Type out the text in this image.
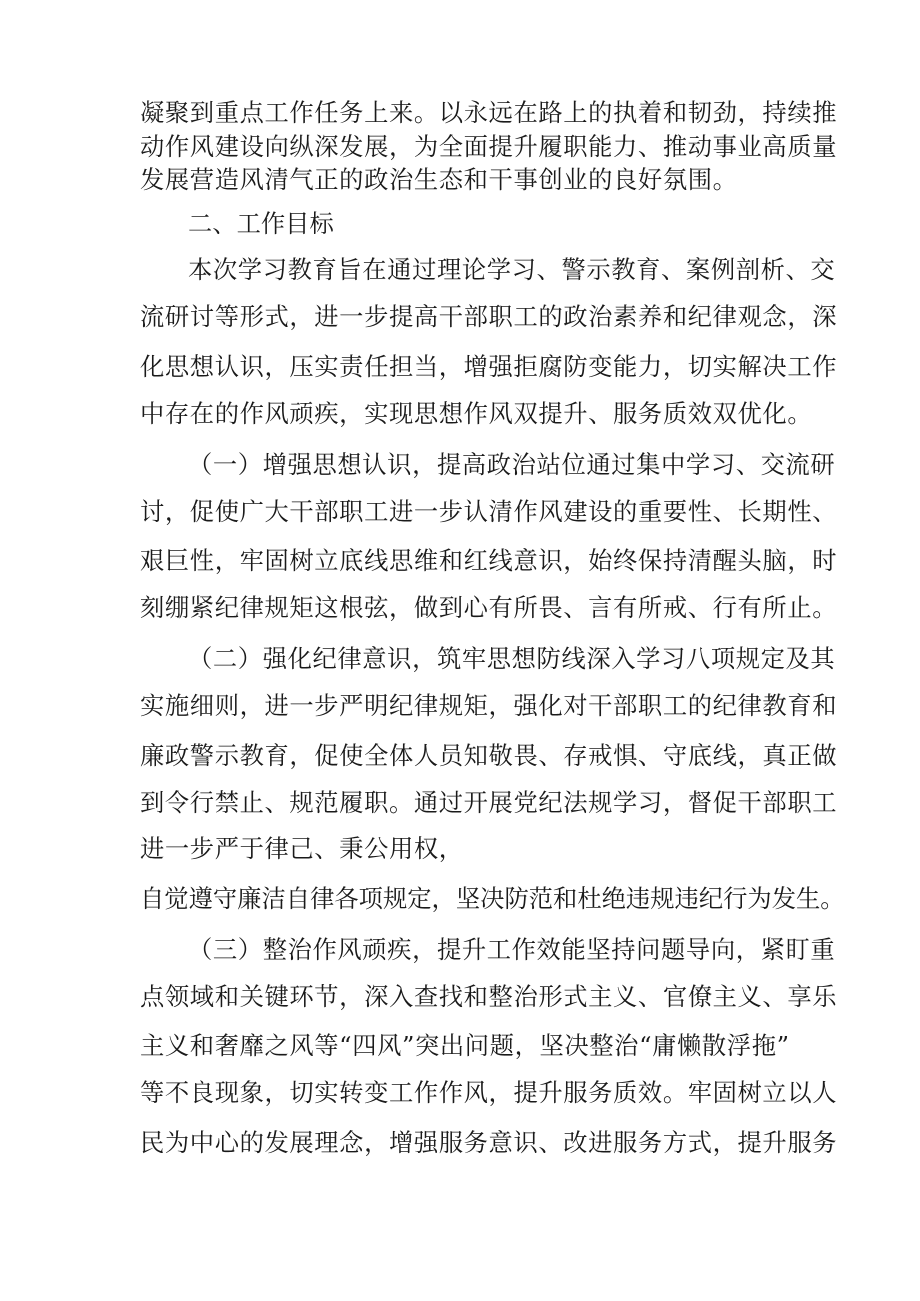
凝聚到重点工作任务上来。以永远在路上的执着和韧劲，持续推

动作风建设向纵深发展，为全面提升履职能力、推动事业高质量

发展营造风清气正的政治生态和干事创业的良好氛围。

二、工作目标

本次学习教育旨在通过理论学习、警示教育、案例剖析、交

流研讨等形式，进一步提高干部职工的政治素养和纪律观念，深

化思想认识，压实责任担当，增强拒腐防变能力，切实解决工作

中存在的作风顽疾，实现思想作风双提升、服务质效双优化。

（一）增强思想认识，提高政治站位通过集中学习、交流研

讨，促使广大干部职工进一步认清作风建设的重要性、长期性、

艰巨性，牢固树立底线思维和红线意识，始终保持清醒头脑，时

刻绷紧纪律规矩这根弦，做到心有所畏、言有所戒、行有所止。

（二）强化纪律意识，筑牢思想防线深入学习八项规定及其

实施细则，进一步严明纪律规矩，强化对干部职工的纪律教育和

廉政警示教育，促使全体人员知敬畏、存戒惧、守底线，真正做

到令行禁止、规范履职。通过开展党纪法规学习，督促干部职工

进一步严于律己、秉公用权，

自觉遵守廉洁自律各项规定，坚决防范和杜绝违规违纪行为发生。

（三）整治作风顽疾，提升工作效能坚持问题导向，紧盯重

点领域和关键环节，深入查找和整治形式主义、官僚主义、享乐

主义和奢靡之风等“四风”突出问题，坚决整治“庸懒散浮拖”

等不良现象，切实转变工作作风，提升服务质效。牢固树立以人

民为中心的发展理念，增强服务意识、改进服务方式，提升服务
